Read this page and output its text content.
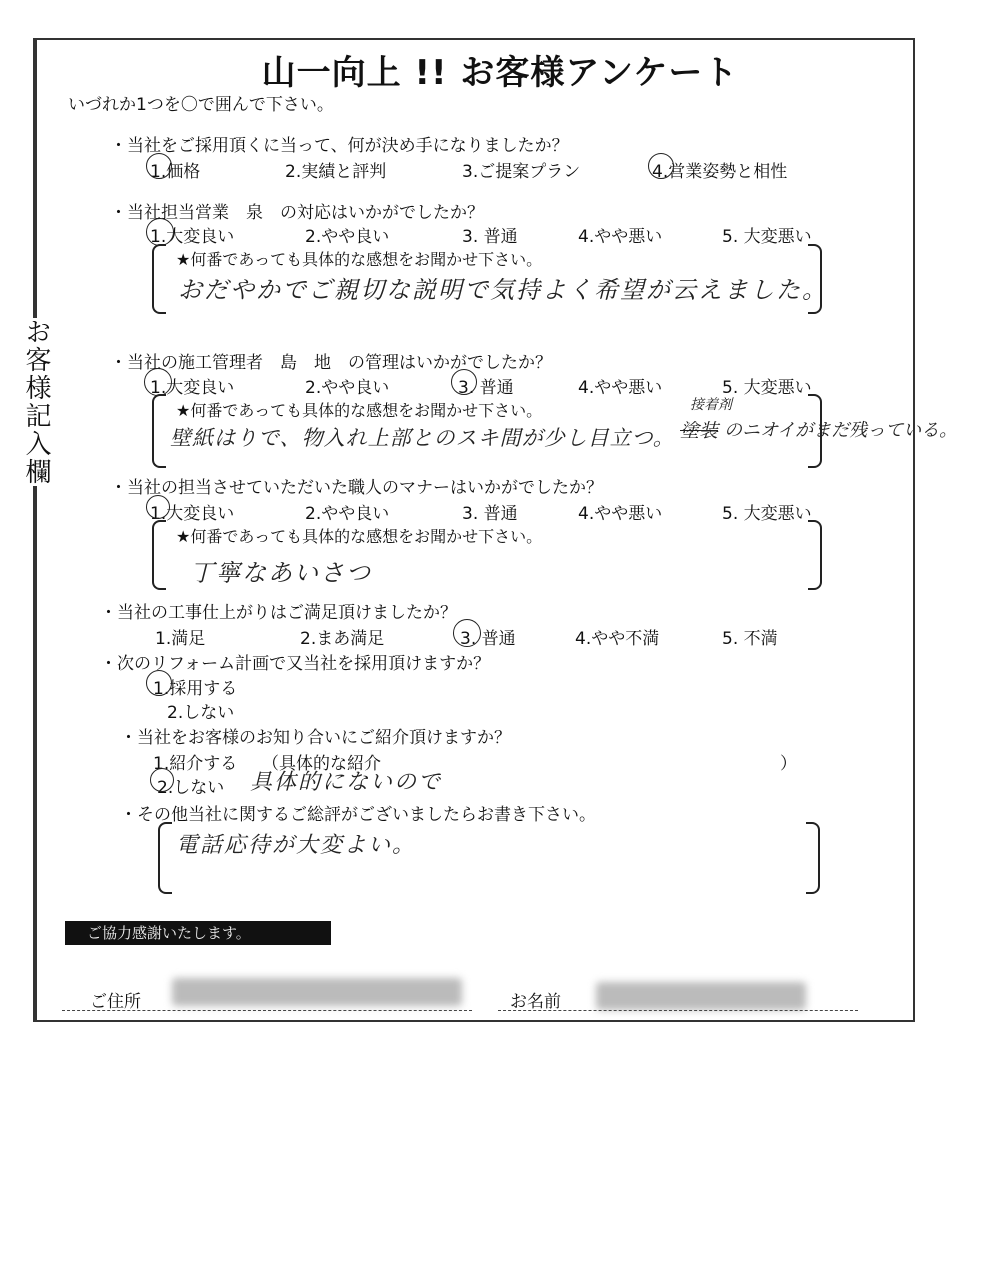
お客様記入欄
山一向上 !! お客様アンケート
いづれか1つを〇で囲んで下さい。
・当社をご採用頂くに当って、何が決め手になりましたか？
1.価格	2.実績と評判	3.ご提案プラン	4.営業姿勢と相性
・当社担当営業　泉　の対応はいかがでしたか？
1.大変良い	2.やや良い	3. 普通	4.やや悪い	5. 大変悪い
★何番であっても具体的な感想をお聞かせ下さい。
おだやかでご親切な説明で気持よく希望が云えました。
・当社の施工管理者　島　地　の管理はいかがでしたか？
1.大変良い	2.やや良い	3. 普通	4.やや悪い	5. 大変悪い
★何番であっても具体的な感想をお聞かせ下さい。
壁紙はりで、物入れ上部とのスキ間が少し目立つ。
接着剤
塗装 のニオイがまだ残っている。
・当社の担当させていただいた職人のマナーはいかがでしたか？
1.大変良い	2.やや良い	3. 普通	4.やや悪い	5. 大変悪い
★何番であっても具体的な感想をお聞かせ下さい。
丁寧なあいさつ
・当社の工事仕上がりはご満足頂けましたか？
1.満足	2.まあ満足	3. 普通	4.やや不満	5. 不満
・次のリフォーム計画で又当社を採用頂けますか？
1.採用する
2.しない
・当社をお客様のお知り合いにご紹介頂けますか？
1.紹介する （具体的な紹介	）
2.しない 具体的にないので
・その他当社に関するご総評がございましたらお書き下さい。
電話応待が大変よい。
ご協力感謝いたします。
ご住所	お名前
